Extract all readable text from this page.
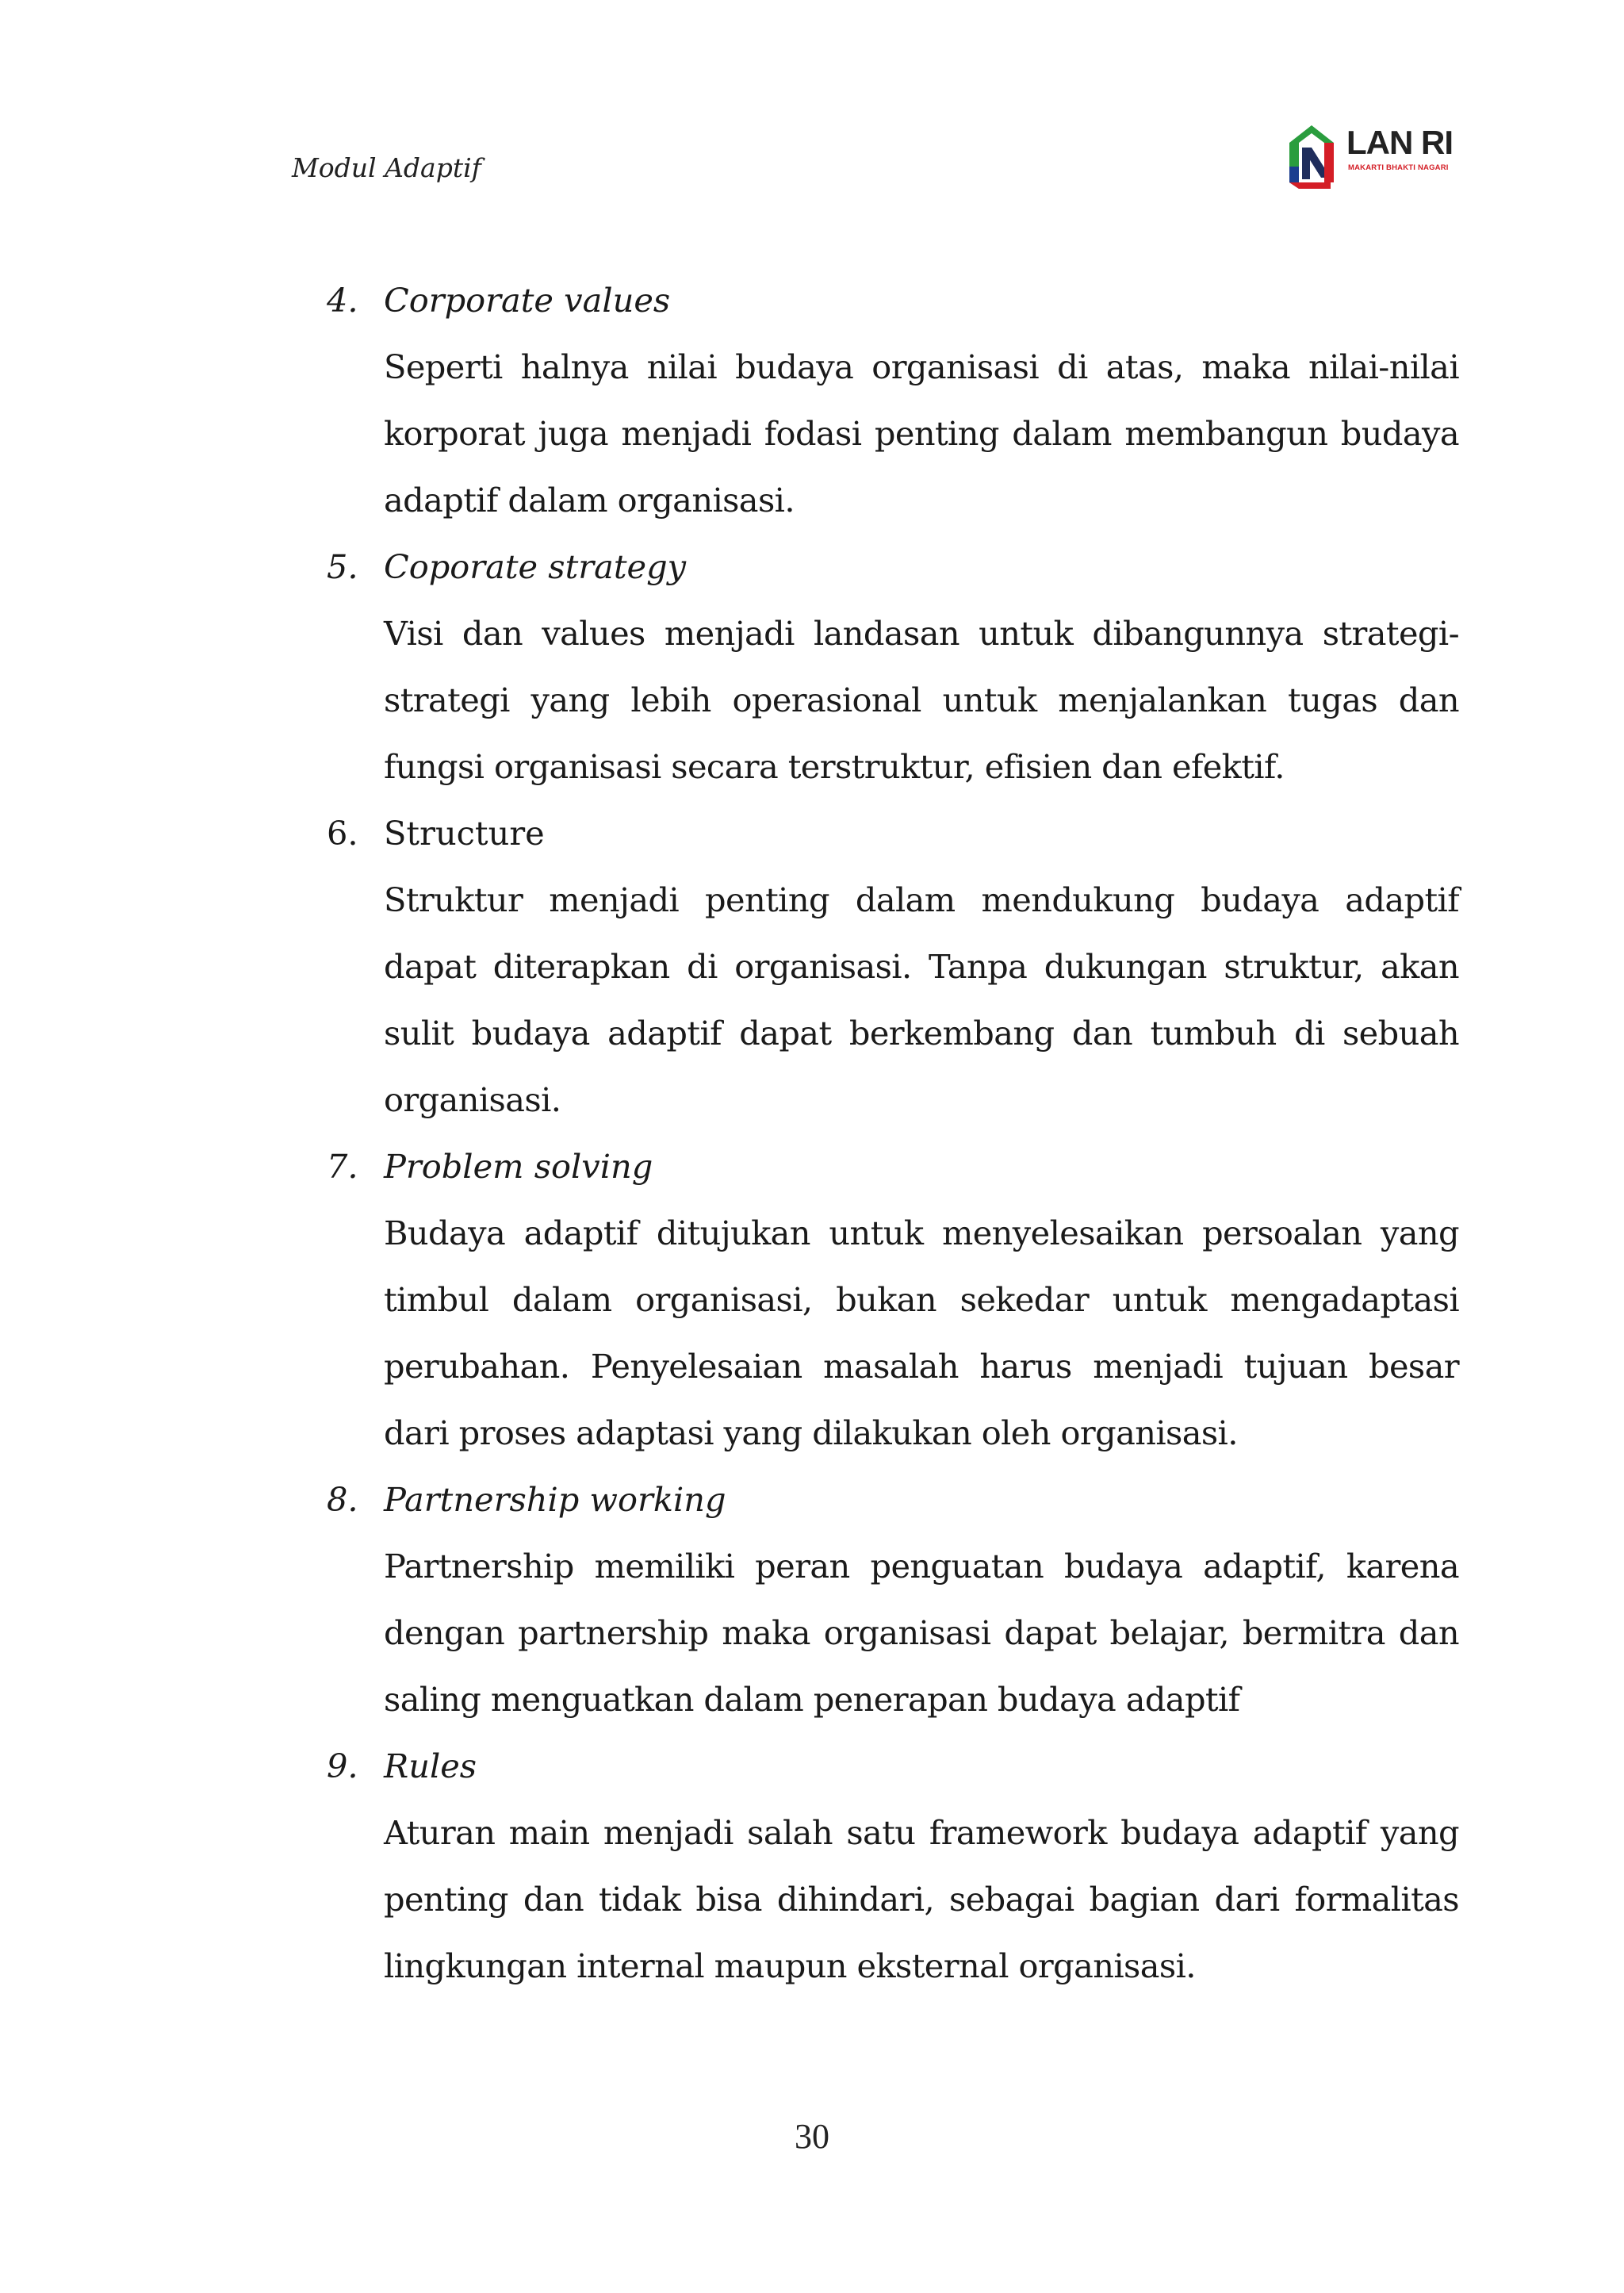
Modul Adaptif
LAN RI
MAKARTI BHAKTI NAGARI
4. Corporate values
Seperti halnya nilai budaya organisasi di atas, maka nilai-nilai korporat juga menjadi fodasi penting dalam membangun budaya adaptif dalam organisasi.
5. Coporate strategy
Visi dan values menjadi landasan untuk dibangunnya strategi-strategi yang lebih operasional untuk menjalankan tugas dan fungsi organisasi secara terstruktur, efisien dan efektif.
6. Structure
Struktur menjadi penting dalam mendukung budaya adaptif dapat diterapkan di organisasi. Tanpa dukungan struktur, akan sulit budaya adaptif dapat berkembang dan tumbuh di sebuah organisasi.
7. Problem solving
Budaya adaptif ditujukan untuk menyelesaikan persoalan yang timbul dalam organisasi, bukan sekedar untuk mengadaptasi perubahan. Penyelesaian masalah harus menjadi tujuan besar dari proses adaptasi yang dilakukan oleh organisasi.
8. Partnership working
Partnership memiliki peran penguatan budaya adaptif, karena dengan partnership maka organisasi dapat belajar, bermitra dan saling menguatkan dalam penerapan budaya adaptif
9. Rules
Aturan main menjadi salah satu framework budaya adaptif yang penting dan tidak bisa dihindari, sebagai bagian dari formalitas lingkungan internal maupun eksternal organisasi.
30
